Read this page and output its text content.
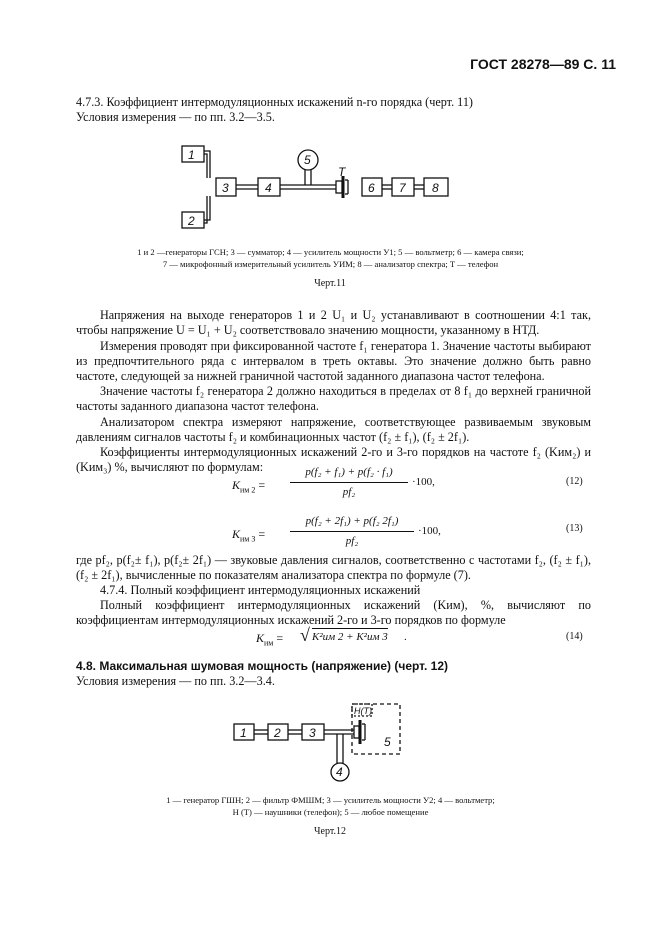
ГОСТ 28278—89 С. 11
4.7.3. Коэффициент интермодуляционных искажений n-го порядка (черт. 11)
Условия измерения — по пп. 3.2—3.5.
1
2
3	4
5
6 7 8
T
1 и 2 —генераторы ГСН; 3 — сумматор; 4 — усилитель мощности У1; 5 — вольтметр; 6 — камера связи;
7 — микрофонный измерительный усилитель УИМ; 8 — анализатор спектра; T — телефон
Черт.11
Напряжения на выходе генераторов 1 и 2 U₁ и U₂ устанавливают в соотношении 4:1 так, чтобы напряжение U = U₁ + U₂ соответствовало значению мощности, указанному в НТД.
Измерения проводят при фиксированной частоте f₁ генератора 1. Значение частоты выбирают из предпочтительного ряда с интервалом в треть октавы. Это значение должно быть равно частоте, следующей за нижней граничной частотой заданного диапазона частот телефона.
Значение частоты f₂ генератора 2 должно находиться в пределах от 8 f₁ до верхней граничной частоты заданного диапазона частот телефона.
Анализатором спектра измеряют напряжение, соответствующее развиваемым звуковым давлениям сигналов частоты f₂ и комбинационных частот (f₂ ± f₁), (f₂ ± 2f₁).
Коэффициенты интермодуляционных искажений 2-го и 3-го порядков на частоте f₂ (Kим₂) и (Kим₃) %, вычисляют по формулам:
$K_{им 2}$ =
p(f₂ + f₁) + p(f₂ · f₁)
pf₂
·100,	(12)
$K_{им 3}$ =
p(f₂ + 2f₁) + p(f₂ 2f₁)
pf₂
·100,	(13)
где pf₂, p(f₂± f₁), p(f₂± 2f₁) — звуковые давления сигналов, соответственно с частотами f₂, (f₂ ± f₁), (f₂ ± 2f₁), вычисленные по показателям анализатора спектра по формуле (7).
4.7.4. Полный коэффициент интермодуляционных искажений
Полный коэффициент интермодуляционных искажений (Kим), %, вычисляют по коэффициентам интермодуляционных искажений 2-го и 3-го порядков по формуле
$K_{им}$ = √ K²им 2 + K²им 3 .	(14)
4.8. Максимальная шумовая мощность (напряжение) (черт. 12)
Условия измерения — по пп. 3.2—3.4.
1 2 3
4
5
Н(Т)
1 — генератор ГШН; 2 — фильтр ФМШМ; 3 — усилитель мощности У2; 4 — вольтметр;
Н (Т) — наушники (телефон); 5 — любое помещение
Черт.12
